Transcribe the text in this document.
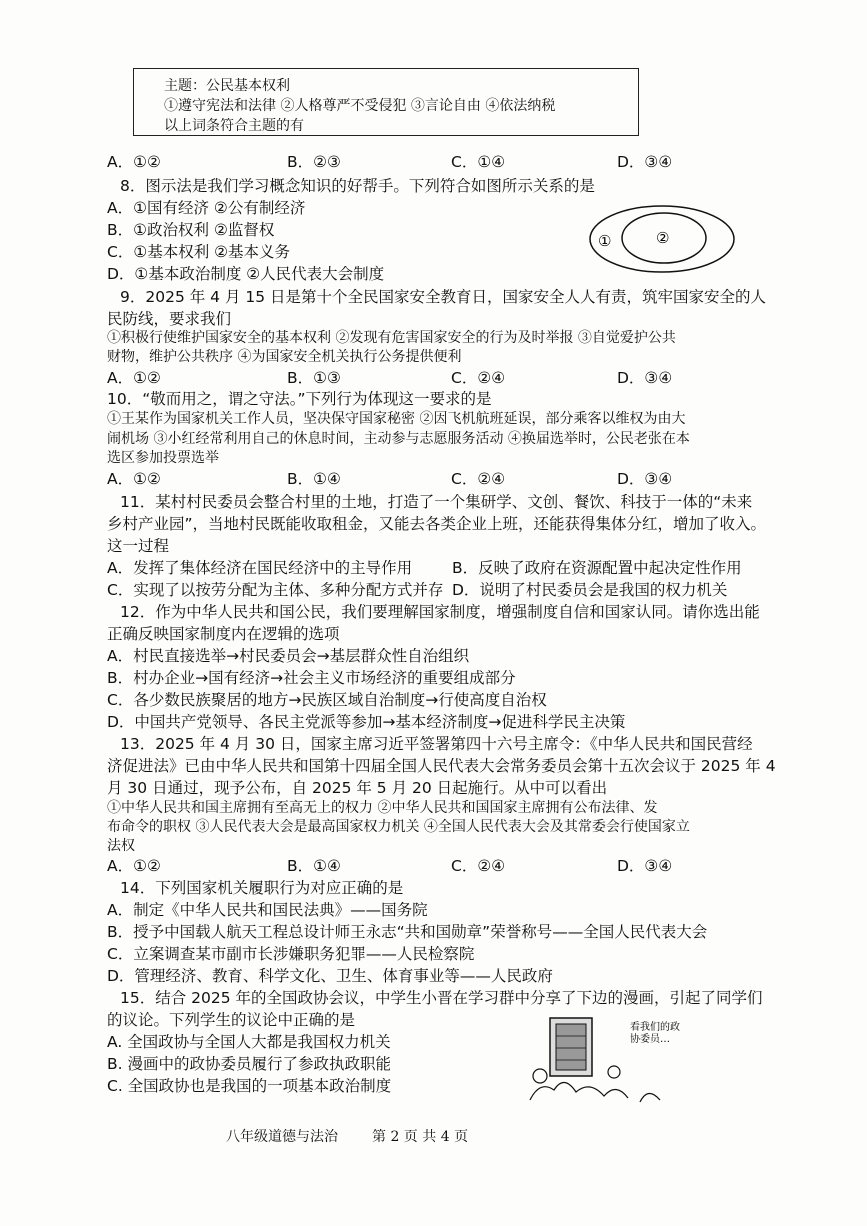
主题：公民基本权利
①遵守宪法和法律 ②人格尊严不受侵犯 ③言论自由 ④依法纳税
以上词条符合主题的有
A．①②	B．②③	C．①④	D．③④
8．图示法是我们学习概念知识的好帮手。下列符合如图所示关系的是
A．①国有经济 ②公有制经济
B．①政治权利 ②监督权
C．①基本权利 ②基本义务
D．①基本政治制度 ②人民代表大会制度
①	②
9．2025 年 4 月 15 日是第十个全民国家安全教育日，国家安全人人有责，筑牢国家安全的人
民防线，要求我们
①积极行使维护国家安全的基本权利 ②发现有危害国家安全的行为及时举报 ③自觉爱护公共
财物，维护公共秩序 ④为国家安全机关执行公务提供便利
A．①②	B．①③	C．②④	D．③④
10．“敬而用之，谓之守法。”下列行为体现这一要求的是
①王某作为国家机关工作人员，坚决保守国家秘密 ②因飞机航班延误，部分乘客以维权为由大
闹机场 ③小红经常利用自己的休息时间，主动参与志愿服务活动 ④换届选举时，公民老张在本
选区参加投票选举
A．①②	B．①④	C．②④	D．③④
11．某村村民委员会整合村里的土地，打造了一个集研学、文创、餐饮、科技于一体的“未来
乡村产业园”，当地村民既能收取租金，又能去各类企业上班，还能获得集体分红，增加了收入。
这一过程
A．发挥了集体经济在国民经济中的主导作用	B．反映了政府在资源配置中起决定性作用
C．实现了以按劳分配为主体、多种分配方式并存 D．说明了村民委员会是我国的权力机关
12．作为中华人民共和国公民，我们要理解国家制度，增强制度自信和国家认同。请你选出能
正确反映国家制度内在逻辑的选项
A．村民直接选举→村民委员会→基层群众性自治组织
B．村办企业→国有经济→社会主义市场经济的重要组成部分
C．各少数民族聚居的地方→民族区域自治制度→行使高度自治权
D．中国共产党领导、各民主党派等参加→基本经济制度→促进科学民主决策
13．2025 年 4 月 30 日，国家主席习近平签署第四十六号主席令：《中华人民共和国民营经
济促进法》已由中华人民共和国第十四届全国人民代表大会常务委员会第十五次会议于 2025 年 4
月 30 日通过，现予公布，自 2025 年 5 月 20 日起施行。从中可以看出
①中华人民共和国主席拥有至高无上的权力 ②中华人民共和国国家主席拥有公布法律、发
布命令的职权 ③人民代表大会是最高国家权力机关 ④全国人民代表大会及其常委会行使国家立
法权
A．①②	B．①④	C．②④	D．③④
14．下列国家机关履职行为对应正确的是
A．制定《中华人民共和国民法典》——国务院
B．授予中国载人航天工程总设计师王永志“共和国勋章”荣誉称号——全国人民代表大会
C．立案调查某市副市长涉嫌职务犯罪——人民检察院
D．管理经济、教育、科学文化、卫生、体育事业等——人民政府
15．结合 2025 年的全国政协会议，中学生小晋在学习群中分享了下边的漫画，引起了同学们
的议论。下列学生的议论中正确的是
A. 全国政协与全国人大都是我国权力机关
B. 漫画中的政协委员履行了参政执政职能
C. 全国政协也是我国的一项基本政治制度
看我们的政
协委员…
八年级道德与法治 第 2 页 共 4 页
